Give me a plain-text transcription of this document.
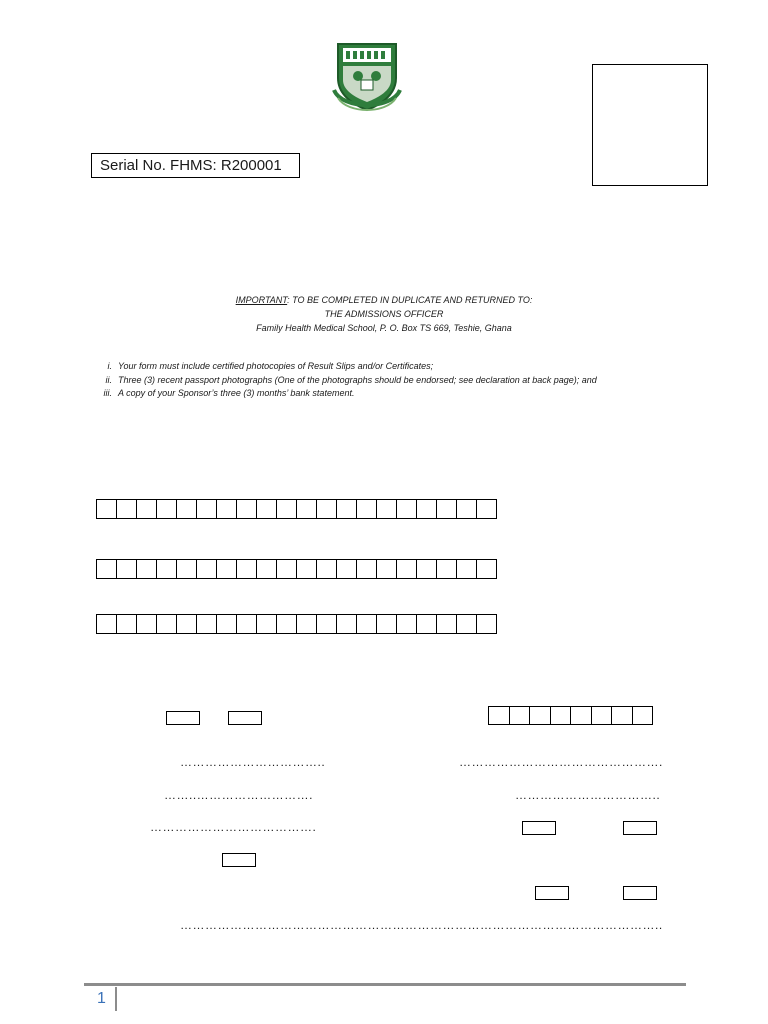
Serial No. FHMS: R200001
IMPORTANT: TO BE COMPLETED IN DUPLICATE AND RETURNED TO:
THE ADMISSIONS OFFICER
Family Health Medical School, P. O. Box TS 669, Teshie, Ghana
i. Your form must include certified photocopies of Result Slips and/or Certificates;
ii. Three (3) recent passport photographs (One of the photographs should be endorsed; see declaration at back page); and
iii. A copy of your Sponsor’s three (3) months’ bank statement.
……………………………..	………………………………………….
……..……………………….	……………………………..
………………………………….
……………………………………………………………………………………………………..
1
